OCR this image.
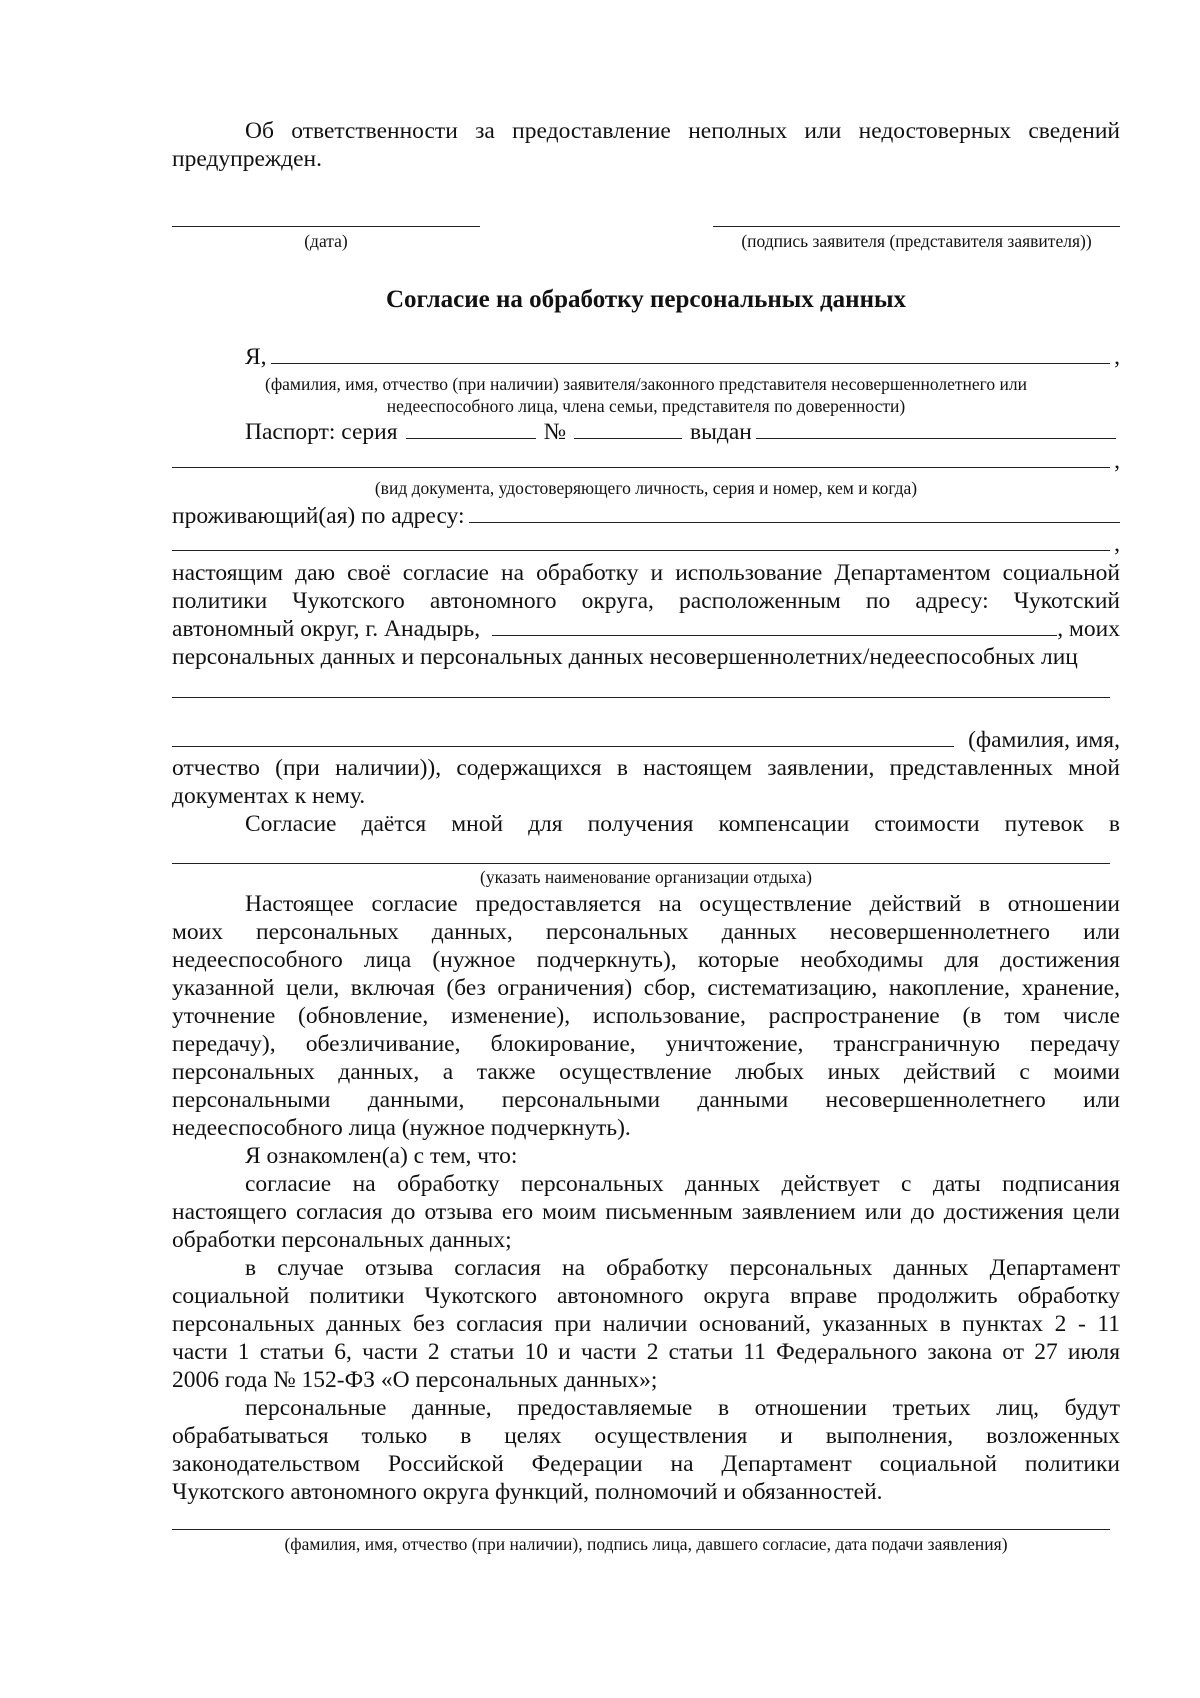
Об ответственности за предоставление неполных или недостоверных сведений
предупрежден.
(дата)	(подпись заявителя (представителя заявителя))
Согласие на обработку персональных данных
Я,	,
(фамилия, имя, отчество (при наличии) заявителя/законного представителя несовершеннолетнего или
недееспособного лица, члена семьи, представителя по доверенности)
Паспорт: серия	№	выдан
,
(вид документа, удостоверяющего личность, серия и номер, кем и когда)
проживающий(ая) по адресу:
,
настоящим даю своё согласие на обработку и использование Департаментом социальной
политики Чукотского автономного округа, расположенным по адресу: Чукотский
автономный округ, г. Анадырь,	, моих
персональных данных и персональных данных несовершеннолетних/недееспособных лиц
(фамилия, имя,
отчество (при наличии)), содержащихся в настоящем заявлении, представленных мной
документах к нему.
Согласие даётся мной для получения компенсации стоимости путевок в
(указать наименование организации отдыха)
Настоящее согласие предоставляется на осуществление действий в отношении
моих персональных данных, персональных данных несовершеннолетнего или
недееспособного лица (нужное подчеркнуть), которые необходимы для достижения
указанной цели, включая (без ограничения) сбор, систематизацию, накопление, хранение,
уточнение (обновление, изменение), использование, распространение (в том числе
передачу), обезличивание, блокирование, уничтожение, трансграничную передачу
персональных данных, а также осуществление любых иных действий с моими
персональными данными, персональными данными несовершеннолетнего или
недееспособного лица (нужное подчеркнуть).
Я ознакомлен(а) с тем, что:
согласие на обработку персональных данных действует с даты подписания
настоящего согласия до отзыва его моим письменным заявлением или до достижения цели
обработки персональных данных;
в случае отзыва согласия на обработку персональных данных Департамент
социальной политики Чукотского автономного округа вправе продолжить обработку
персональных данных без согласия при наличии оснований, указанных в пунктах 2 - 11
части 1 статьи 6, части 2 статьи 10 и части 2 статьи 11 Федерального закона от 27 июля
2006 года № 152-ФЗ «О персональных данных»;
персональные данные, предоставляемые в отношении третьих лиц, будут
обрабатываться только в целях осуществления и выполнения, возложенных
законодательством Российской Федерации на Департамент социальной политики
Чукотского автономного округа функций, полномочий и обязанностей.
(фамилия, имя, отчество (при наличии), подпись лица, давшего согласие, дата подачи заявления)
